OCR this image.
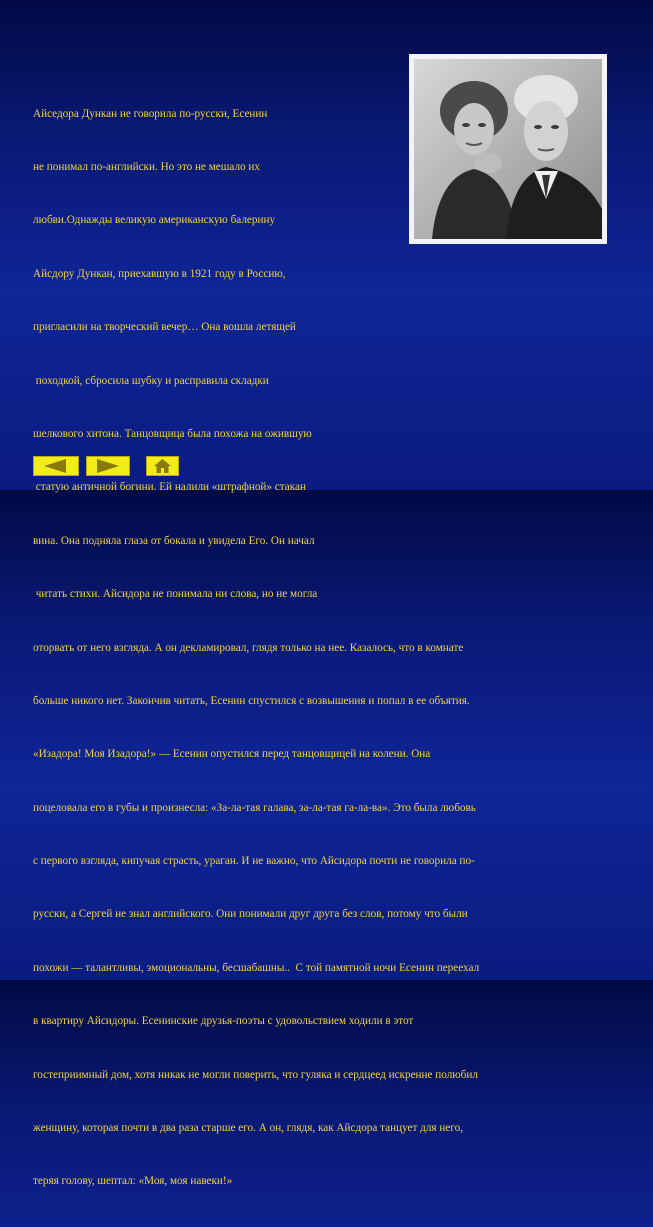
Айседора Дункан не говорила по-русски, Есенин

не понимал по-английски. Но это не мешало их

любви.Однажды великую американскую балерину

Айсдору Дункан, приехавшую в 1921 году в Россию,

пригласили на творческий вечер… Она вошла летящей

походкой, сбросила шубку и расправила складки

шелкового хитона. Танцовщица была похожа на ожившую

статую античной богини. Ей налили «штрафной» стакан

вина. Она подняла глаза от бокала и увидела Его. Он начал

читать стихи. Айсидора не понимала ни слова, но не могла

оторвать от него взгляда. А он декламировал, глядя только на нее. Казалось, что в комнате

больше никого нет. Закончив читать, Есенин спустился с возвышения и попал в ее объятия.

«Изадора! Моя Изадора!» — Есенин опустился перед танцовщицей на колени. Она

поцеловала его в губы и произнесла: «За-ла-тая галава, за-ла-тая га-ла-ва». Это была любовь

с первого взгляда, кипучая страсть, ураган. И не важно, что Айсидора почти не говорила по-

русски, а Сергей не знал английского. Они понимали друг друга без слов, потому что были

похожи — талантливы, эмоциональны, бесшабашны..  С той памятной ночи Есенин переехал

в квартиру Айсидоры. Есенинские друзья-поэты с удовольствием ходили в этот

гостеприимный дом, хотя никак не могли поверить, что гуляка и сердцеед искренне полюбил

женщину, которая почти в два раза старше его. А он, глядя, как Айсдора танцует для него,

теряя голову, шептал: «Моя, моя навеки!»
